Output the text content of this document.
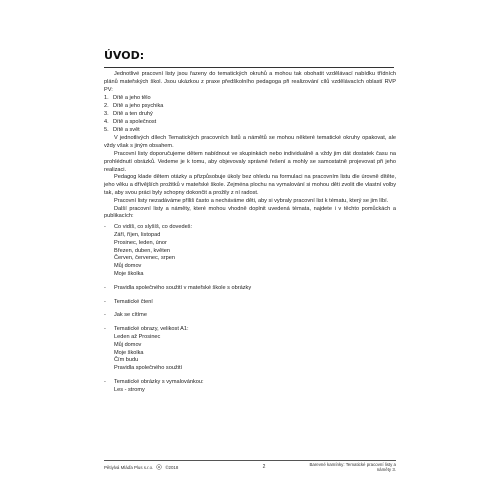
ÚVOD:

Jednotlivé pracovní listy jsou řazeny do tematických okruhů a mohou tak obohatit vzdělávací nabídku třídních plánů mateřských škol. Jsou ukázkou z praxe předškolního pedagoga při realizování cílů vzdělávacích oblastí RVP PV:

1. Dítě a jeho tělo
2. Dítě a jeho psychika
3. Dítě a ten druhý
4. Dítě a společnost
5. Dítě a svět

V jednotlivých dílech Tematických pracovních listů a námětů se mohou některé tematické okruhy opakovat, ale vždy však s jiným obsahem.

Pracovní listy doporučujeme dětem nabídnout ve skupinkách nebo individuálně a vždy jim dát dostatek času na prohlédnutí obrázků. Vedeme je k tomu, aby objevovaly správné řešení a mohly se samostatně projevovat při jeho realizaci.

Pedagog klade dětem otázky a přizpůsobuje úkoly bez ohledu na formulaci na pracovním listu dle úrovně dítěte, jeho věku a dřívějších prožitků v mateřské škole. Zejména plochu na vymalování si mohou děti zvolit dle vlastní volby tak, aby svou práci byly schopny dokončit a prožily z ní radost.

Pracovní listy nezadáváme příliš často a necháváme děti, aby si vybraly pracovní list k tématu, který se jim líbí.

Další pracovní listy a náměty, které mohou vhodně doplnit uvedená témata, najdete i v těchto pomůckách a publikacích:

-	Co vidíš, co slyšíš, co dovedeš:
Září, říjen, listopad
Prosinec, leden, únor
Březen, duben, květen
Červen, červenec, srpen
Můj domov
Moje školka
-	Pravidla společného soužití v mateřské škole s obrázky
-	Tematické čtení
-	Jak se cítíme
-	Tematické obrazy, velikost A1:
Leden až Prosinec
Můj domov
Moje školka
Čím budu
Pravidla společného soužití
-	Tematické obrázky s vymalovánkou:
Les - stromy
Pětiylvá Mláďa Plus s.r.o.	©2018	2	Barevné kamínky: Tematické pracovní listy a náměty 3.
